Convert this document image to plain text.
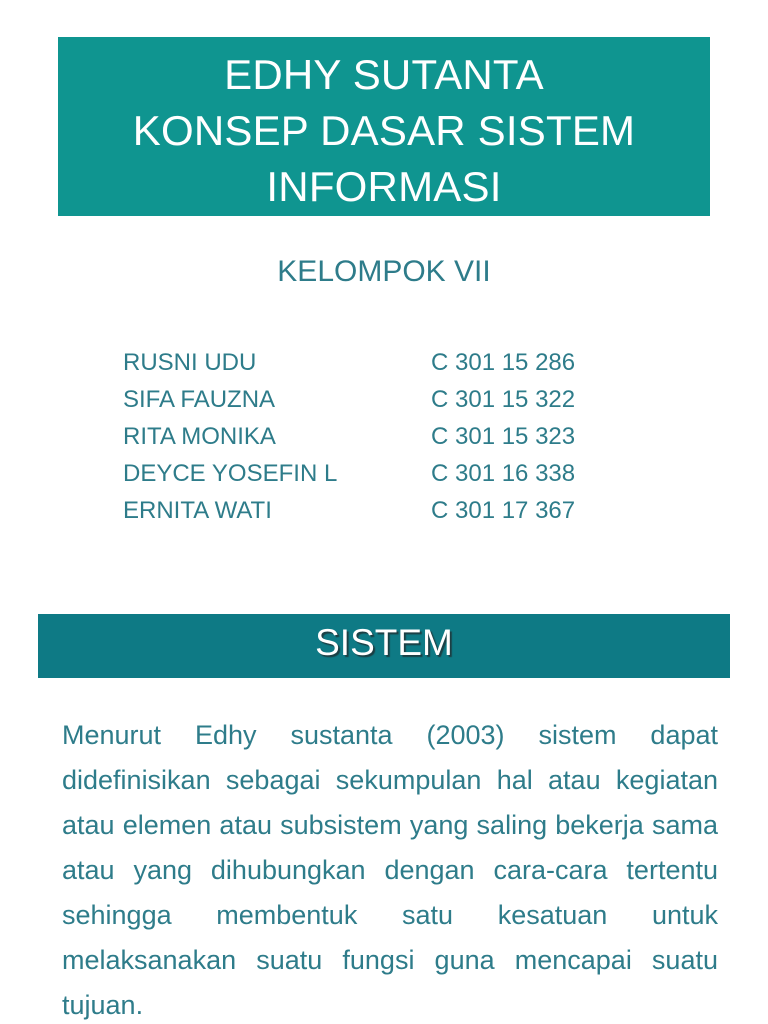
EDHY SUTANTA
KONSEP DASAR SISTEM
INFORMASI
KELOMPOK VII
RUSNI UDU	C 301 15 286
SIFA FAUZNA	C 301 15 322
RITA MONIKA	C 301 15 323
DEYCE YOSEFIN L	C 301 16 338
ERNITA WATI	C 301 17 367
SISTEM

Menurut Edhy sustanta (2003) sistem dapat didefinisikan sebagai sekumpulan hal atau kegiatan atau elemen atau subsistem yang saling bekerja sama atau yang dihubungkan dengan cara-cara tertentu sehingga membentuk satu kesatuan untuk melaksanakan suatu fungsi guna mencapai suatu tujuan.
